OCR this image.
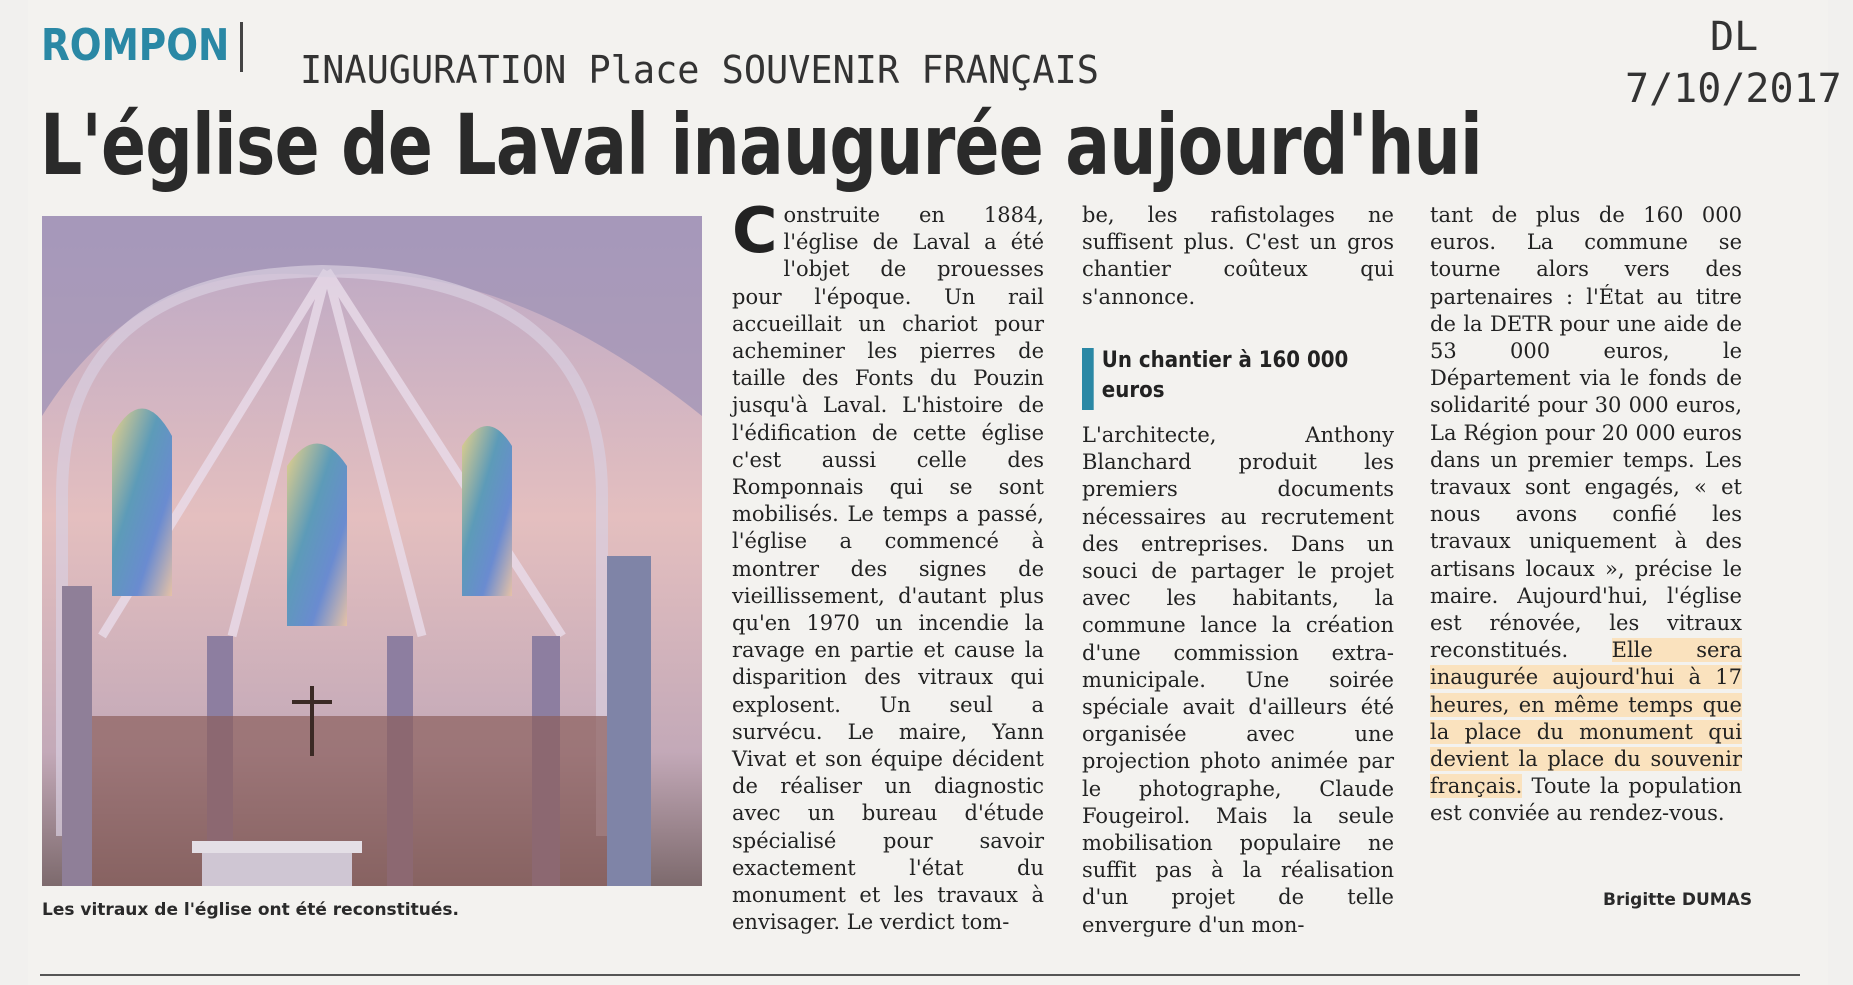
INAUGURATION Place SOUVENIR FRANÇAIS
DL
7/10/2017
ROMPON
L'église de Laval inaugurée aujourd'hui
Les vitraux de l'église ont été reconstitués.

Construite en 1884, l'église de Laval a été l'objet de prouesses pour l'époque. Un rail accueillait un chariot pour acheminer les pierres de taille des Fonts du Pouzin jusqu'à Laval. L'histoire de l'édification de cette église c'est aussi celle des Romponnais qui se sont mobilisés. Le temps a passé, l'église a commencé à montrer des signes de vieillissement, d'autant plus qu'en 1970 un incendie la ravage en partie et cause la disparition des vitraux qui explosent. Un seul a survécu. Le maire, Yann Vivat et son équipe décident de réaliser un diagnostic avec un bureau d'étude spécialisé pour savoir exactement l'état du monument et les travaux à envisager. Le verdict tom-

be, les rafistolages ne suffisent plus. C'est un gros chantier coûteux qui s'annonce.

Un chantier à 160 000 euros

L'architecte, Anthony Blanchard produit les premiers documents nécessaires au recrutement des entreprises. Dans un souci de partager le projet avec les habitants, la commune lance la création d'une commission extra-municipale. Une soirée spéciale avait d'ailleurs été organisée avec une projection photo animée par le photographe, Claude Fougeirol. Mais la seule mobilisation populaire ne suffit pas à la réalisation d'un projet de telle envergure d'un mon-

tant de plus de 160 000 euros. La commune se tourne alors vers des partenaires : l'État au titre de la DETR pour une aide de 53 000 euros, le Département via le fonds de solidarité pour 30 000 euros, La Région pour 20 000 euros dans un premier temps. Les travaux sont engagés, « et nous avons confié les travaux uniquement à des artisans locaux », précise le maire. Aujourd'hui, l'église est rénovée, les vitraux reconstitués. Elle sera inaugurée aujourd'hui à 17 heures, en même temps que la place du monument qui devient la place du souvenir français. Toute la population est conviée au rendez-vous.

Brigitte DUMAS
